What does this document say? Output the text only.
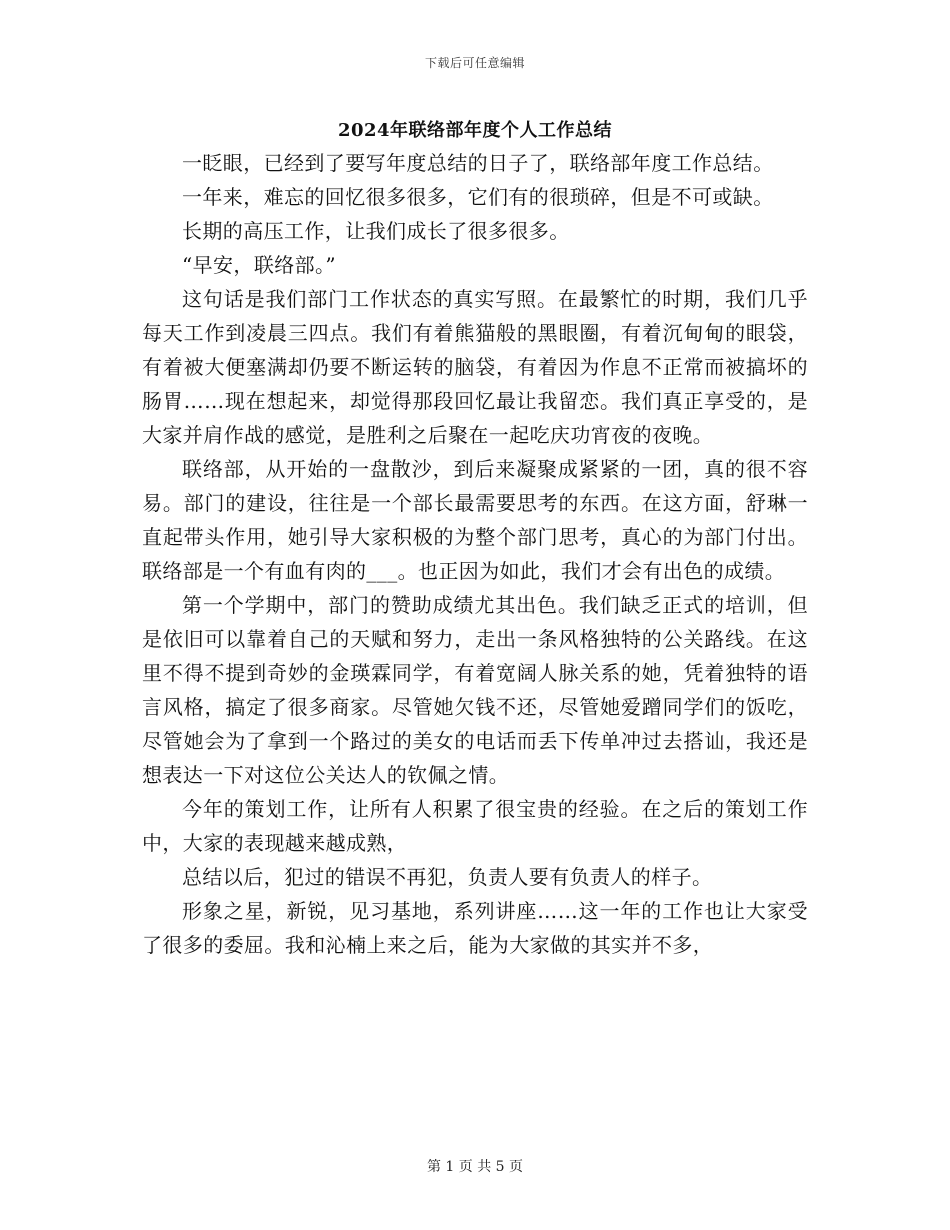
下载后可任意编辑
2024年联络部年度个人工作总结

一眨眼，已经到了要写年度总结的日子了，联络部年度工作总结。

一年来，难忘的回忆很多很多，它们有的很琐碎，但是不可或缺。

长期的高压工作，让我们成长了很多很多。

“早安，联络部。”

这句话是我们部门工作状态的真实写照。在最繁忙的时期，我们几乎每天工作到凌晨三四点。我们有着熊猫般的黑眼圈，有着沉甸甸的眼袋，有着被大便塞满却仍要不断运转的脑袋，有着因为作息不正常而被搞坏的肠胃……现在想起来，却觉得那段回忆最让我留恋。我们真正享受的，是大家并肩作战的感觉，是胜利之后聚在一起吃庆功宵夜的夜晚。

联络部，从开始的一盘散沙，到后来凝聚成紧紧的一团，真的很不容易。部门的建设，往往是一个部长最需要思考的东西。在这方面，舒琳一直起带头作用，她引导大家积极的为整个部门思考，真心的为部门付出。联络部是一个有血有肉的___。也正因为如此，我们才会有出色的成绩。

第一个学期中，部门的赞助成绩尤其出色。我们缺乏正式的培训，但是依旧可以靠着自己的天赋和努力，走出一条风格独特的公关路线。在这里不得不提到奇妙的金瑛霖同学，有着宽阔人脉关系的她，凭着独特的语言风格，搞定了很多商家。尽管她欠钱不还，尽管她爱蹭同学们的饭吃，尽管她会为了拿到一个路过的美女的电话而丢下传单冲过去搭讪，我还是想表达一下对这位公关达人的钦佩之情。

今年的策划工作，让所有人积累了很宝贵的经验。在之后的策划工作中，大家的表现越来越成熟，

总结以后，犯过的错误不再犯，负责人要有负责人的样子。

形象之星，新锐，见习基地，系列讲座……这一年的工作也让大家受了很多的委屈。我和沁楠上来之后，能为大家做的其实并不多，

第 1 页 共 5 页
